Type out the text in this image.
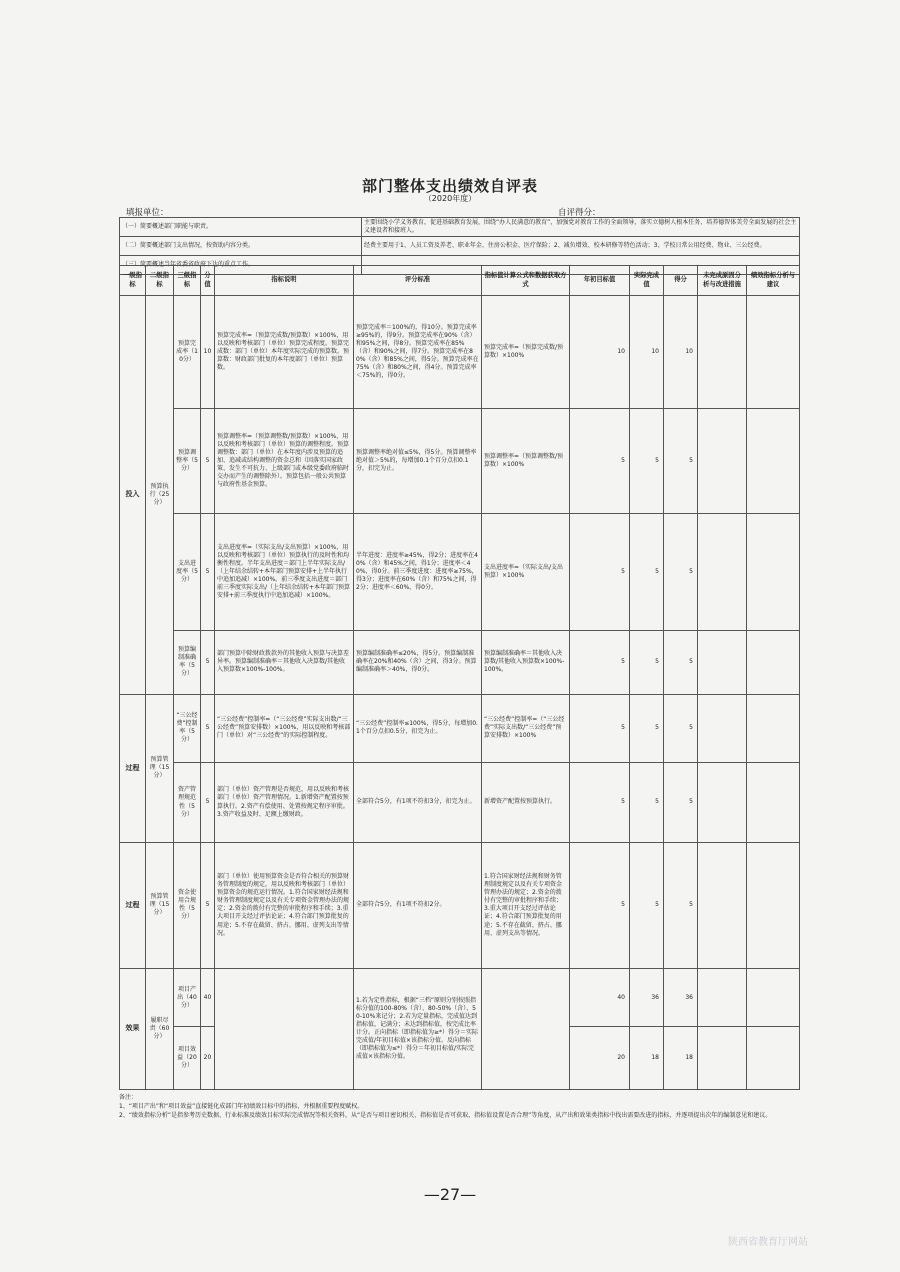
部门整体支出绩效自评表
（2020年度）
填报单位：	自评得分：
（一）简要概述部门职能与职责。	主要围绕小学义务教育，促进基础教育发展，围绕“办人民满意的教育”，加强党对教育工作的全面领导，落实立德树人根本任务，培养德智体美劳全面发展的社会主义建设者和接班人。
（二）简要概述部门支出情况，按资助内容分类。	经费主要用于1、人员工资及养老、职业年金、住房公积金、医疗保险；2、减负增效、校本研修等特色活动；3、学校日常公用经费、物业、三公经费。
（三）简要概述当年省委省政府下达的重点工作。	
一级指标	二级指标	三级指标	分值	指标说明	评分标准	指标值计算公式和数据获取方式	年初目标值	实际完成值	得分	未完成原因分析与改进措施	绩效指标分析与建议
投入	预算执行（25分）	预算完成率（10分）	10	预算完成率=（预算完成数/预算数）×100%，用以反映和考核部门（单位）预算完成程度。预算完成数：部门（单位）本年度实际完成的预算数。预算数：财政部门批复的本年度部门（单位）预算数。	预算完成率＝100%的，得10分。预算完成率≥95%的，得9分。预算完成率在90%（含）和95%之间，得8分。预算完成率在85%（含）和90%之间，得7分。预算完成率在80%（含）和85%之间，得5分。预算完成率在75%（含）和80%之间，得4分。预算完成率＜75%的，得0分。	预算完成率=（预算完成数/预算数）×100%	10	10	10		
		预算调整率（5分）	5	预算调整率=（预算调整数/预算数）×100%，用以反映和考核部门（单位）预算的调整程度。预算调整数：部门（单位）在本年度内涉及预算的追加、追减或结构调整的资金总和（因落实国家政策、发生不可抗力、上级部门或本级党委政府临时交办而产生的调整除外）。预算包括一般公共预算与政府性基金预算。	预算调整率绝对值≤5%，得5分。预算调整率绝对值＞5%的，每增加0.1个百分点扣0.1分，扣完为止。	预算调整率=（预算调整数/预算数）×100%	5	5	5		
		支出进度率（5分）	5	支出进度率=（实际支出/支出预算）×100%，用以反映和考核部门（单位）预算执行的及时性和均衡性程度。半年支出进度＝部门上半年实际支出/（上年结余结转+本年部门预算安排+上半年执行中追加追减）×100%。前三季度支出进度＝部门前三季度实际支出/（上年结余结转+本年部门预算安排+前三季度执行中追加追减）×100%。	半年进度：进度率≥45%，得2分；进度率在40%（含）和45%之间，得1分；进度率＜40%，得0分。前三季度进度：进度率≥75%，得3分；进度率在60%（含）和75%之间，得2分；进度率＜60%，得0分。	支出进度率=（实际支出/支出预算）×100%	5	5	5		
		预算编制准确率（5分）	5	部门预算中除财政拨款外的其他收入预算与决算差异率。预算编制准确率＝其他收入决算数/其他收入预算数×100%-100%。	预算编制准确率≤20%，得5分。预算编制准确率在20%和40%（含）之间，得3分。预算编制准确率＞40%，得0分。	预算编制准确率＝其他收入决算数/其他收入预算数×100%-100%。	5	5	5		
过程	预算管理（15分）	“三公经费”控制率（5分）	5	“三公经费”控制率=（“三公经费”实际支出数/“三公经费”预算安排数）×100%，用以反映和考核部门（单位）对“三公经费”的实际控制程度。	“三公经费”控制率≤100%，得5分，每增加0.1个百分点扣0.5分，扣完为止。	“三公经费”控制率=（“三公经费”实际支出数/“三公经费”预算安排数）×100%	5	5	5		
		资产管理规范性（5分）	5	部门（单位）资产管理是否规范，用以反映和考核部门（单位）资产管理情况。1.新增资产配置按预算执行。2.资产有偿使用、处置按规定程序审批。3.资产收益及时、足额上缴财政。	全部符合5分，有1项不符扣3分，扣完为止。	新增资产配置按预算执行。	5	5	5		
过程	预算管理（15分）	资金使用合规性（5分）	5	部门（单位）使用预算资金是否符合相关的预算财务管理制度的规定，用以反映和考核部门（单位）预算资金的规范运行情况。1.符合国家财经法规和财务管理制度规定以及有关专项资金管理办法的规定；2.资金的拨付有完整的审批程序和手续；3.重大项目开支经过评估论证；4.符合部门预算批复的用途；5.不存在截留、挤占、挪用、虚列支出等情况。	全部符合5分，有1项不符扣2分。	1.符合国家财经法规和财务管理制度规定以及有关专项资金管理办法的规定；2.资金的拨付有完整的审批程序和手续；3.重大项目开支经过评估论证；4.符合部门预算批复的用途；5.不存在截留、挤占、挪用、虚列支出等情况。	5	5	5		
效果	履职尽责（60分）	项目产出（40分）	40		1.若为定性指标，根据“三档”原则分别按照指标分值的100-80%（含）、80-50%（含）、50-10%来记分；2.若为定量指标，完成值达到指标值，记满分；未达到指标值，按完成比率计分。正向指标（即指标值为≥*）得分＝实际完成值/年初目标值×该指标分值。反向指标（即指标值为≤*）得分＝年初目标值/实际完成值×该指标分值。		40	36	36		
		项目效益（20分）	20				20	18	18		
备注：
1、“项目产出”和“项目效益”直接链化成部门年初绩效目标中的指标，并根据重要程度赋权。
2、“绩效指标分析”是指参考历史数据、行业标准及绩效目标实际完成情况等相关资料，从“是否与项目密切相关、指标值是否可获取，指标值设置是否合理”等角度，从产出和效果类指标中找出需要改进的指标，并逐项提出次年的编制意见和建议。
—27—
陕西省教育厅网站
